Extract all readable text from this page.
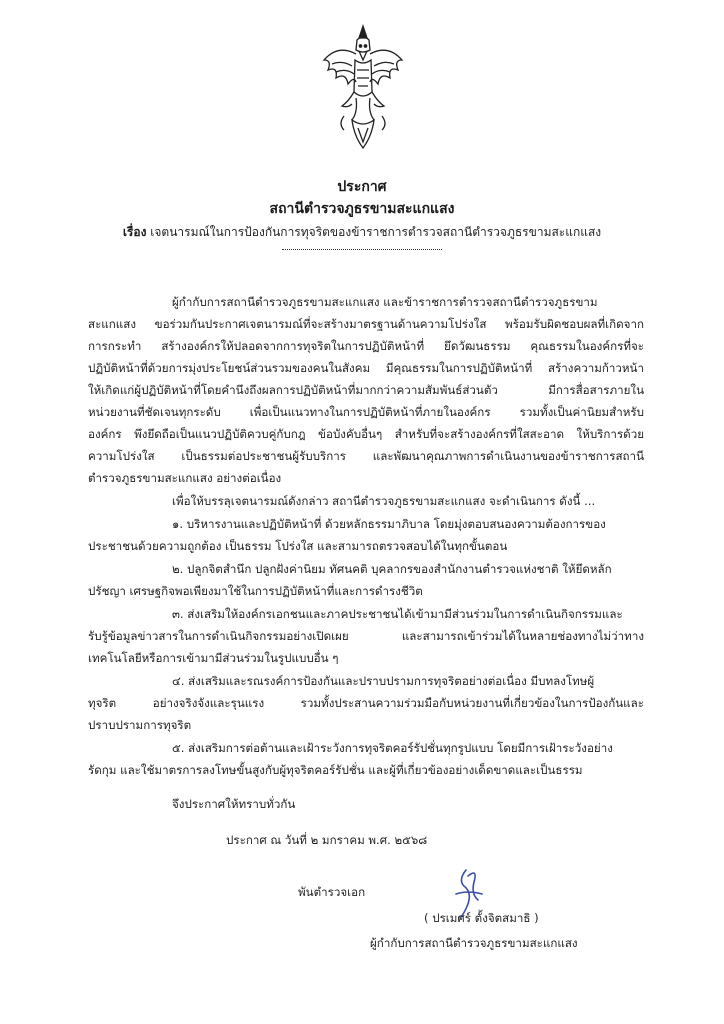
ประกาศ
สถานีตำรวจภูธรขามสะแกแสง
เรื่อง เจตนารมณ์ในการป้องกันการทุจริตของข้าราชการตำรวจสถานีตำรวจภูธรขามสะแกแสง
ผู้กำกับการสถานีตำรวจภูธรขามสะแกแสง และข้าราชการตำรวจสถานีตำรวจภูธรขาม
สะแกแสง ขอร่วมกันประกาศเจตนารมณ์ที่จะสร้างมาตรฐานด้านความโปร่งใส พร้อมรับผิดชอบผลที่เกิดจาก
การกระทำ สร้างองค์กรให้ปลอดจากการทุจริตในการปฏิบัติหน้าที่ ยึดวัฒนธรรม คุณธรรมในองค์กรที่จะ
ปฏิบัติหน้าที่ด้วยการมุ่งประโยชน์ส่วนรวมของคนในสังคม มีคุณธรรมในการปฏิบัติหน้าที่ สร้างความก้าวหน้า
ให้เกิดแก่ผู้ปฏิบัติหน้าที่โดยคำนึงถึงผลการปฏิบัติหน้าที่มากกว่าความสัมพันธ์ส่วนตัว มีการสื่อสารภายใน
หน่วยงานที่ชัดเจนทุกระดับ เพื่อเป็นแนวทางในการปฏิบัติหน้าที่ภายในองค์กร รวมทั้งเป็นค่านิยมสำหรับ
องค์กร พึงยึดถือเป็นแนวปฏิบัติควบคู่กับกฎ ข้อบังคับอื่นๆ สำหรับที่จะสร้างองค์กรที่ใสสะอาด ให้บริการด้วย
ความโปร่งใส เป็นธรรมต่อประชาชนผู้รับบริการ และพัฒนาคุณภาพการดำเนินงานของข้าราชการสถานี
ตำรวจภูธรขามสะแกแสง อย่างต่อเนื่อง
เพื่อให้บรรลุเจตนารมณ์ดังกล่าว สถานีตำรวจภูธรขามสะแกแสง จะดำเนินการ ดังนี้ ...
๑. บริหารงานและปฏิบัติหน้าที่ ด้วยหลักธรรมาภิบาล โดยมุ่งตอบสนองความต้องการของ
ประชาชนด้วยความถูกต้อง เป็นธรรม โปร่งใส และสามารถตรวจสอบได้ในทุกขั้นตอน
๒. ปลูกจิตสำนึก ปลูกฝังค่านิยม ทัศนคติ บุคลากรของสำนักงานตำรวจแห่งชาติ ให้ยึดหลัก
ปรัชญา เศรษฐกิจพอเพียงมาใช้ในการปฏิบัติหน้าที่และการดำรงชีวิต
๓. ส่งเสริมให้องค์กรเอกชนและภาคประชาชนได้เข้ามามีส่วนร่วมในการดำเนินกิจกรรมและ
รับรู้ข้อมูลข่าวสารในการดำเนินกิจกรรมอย่างเปิดเผย และสามารถเข้าร่วมได้ในหลายช่องทางไม่ว่าทาง
เทคโนโลยีหรือการเข้ามามีส่วนร่วมในรูปแบบอื่น ๆ
๔. ส่งเสริมและรณรงค์การป้องกันและปราบปรามการทุจริตอย่างต่อเนื่อง มีบทลงโทษผู้
ทุจริต อย่างจริงจังและรุนแรง รวมทั้งประสานความร่วมมือกับหน่วยงานที่เกี่ยวข้องในการป้องกันและ
ปราบปรามการทุจริต
๕. ส่งเสริมการต่อต้านและเฝ้าระวังการทุจริตคอร์รัปชั่นทุกรูปแบบ โดยมีการเฝ้าระวังอย่าง
รัดกุม และใช้มาตรการลงโทษขั้นสูงกับผู้ทุจริตคอร์รัปชั่น และผู้ที่เกี่ยวข้องอย่างเด็ดขาดและเป็นธรรม
จึงประกาศให้ทราบทั่วกัน
ประกาศ ณ วันที่ ๒ มกราคม พ.ศ. ๒๕๖๘
พันตำรวจเอก
( ปรเมศร์ ตั้งจิตสมาธิ )
ผู้กำกับการสถานีตำรวจภูธรขามสะแกแสง
